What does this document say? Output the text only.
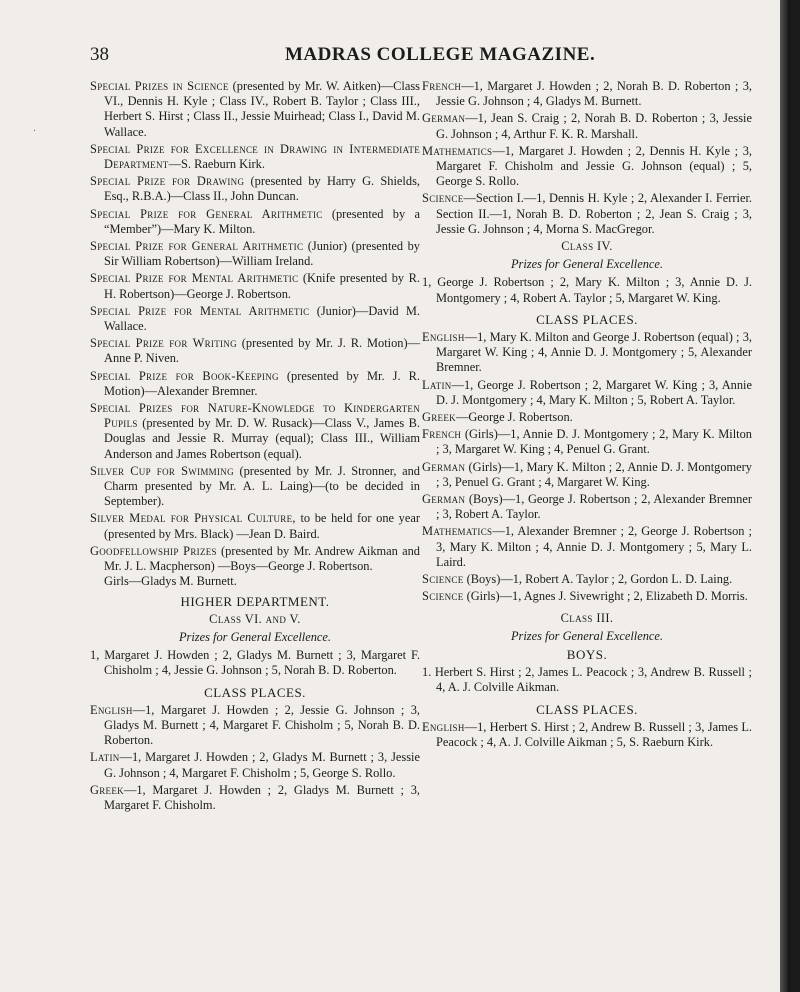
38	MADRAS COLLEGE MAGAZINE.
‧

Special Prizes in Science (presented by Mr. W. Aitken)—Class VI., Dennis H. Kyle ; Class IV., Robert B. Taylor ; Class III., Herbert S. Hirst ; Class II., Jessie Muirhead; Class I., David M. Wallace.

Special Prize for Excellence in Drawing in Intermediate Department—S. Raeburn Kirk.

Special Prize for Drawing (presented by Harry G. Shields, Esq., R.B.A.)—Class II., John Duncan.

Special Prize for General Arithmetic (presented by a “Member”)—Mary K. Milton.

Special Prize for General Arithmetic (Junior) (presented by Sir William Robertson)—William Ireland.

Special Prize for Mental Arithmetic (Knife presented by R. H. Robertson)—George J. Robertson.

Special Prize for Mental Arithmetic (Junior)—David M. Wallace.

Special Prize for Writing (presented by Mr. J. R. Motion)—Anne P. Niven.

Special Prize for Book-Keeping (presented by Mr. J. R. Motion)—Alexander Bremner.

Special Prizes for Nature-Knowledge to Kindergarten Pupils (presented by Mr. D. W. Rusack)—Class V., James B. Douglas and Jessie R. Murray (equal); Class III., William Anderson and James Robertson (equal).

Silver Cup for Swimming (presented by Mr. J. Stronner, and Charm presented by Mr. A. L. Laing)—(to be decided in September).

Silver Medal for Physical Culture, to be held for one year (presented by Mrs. Black) —Jean D. Baird.

Goodfellowship Prizes (presented by Mr. Andrew Aikman and Mr. J. L. Macpherson) —Boys—George J. Robertson.

Girls—Gladys M. Burnett.

HIGHER DEPARTMENT.
Class VI. and V.
Prizes for General Excellence.

1, Margaret J. Howden ; 2, Gladys M. Burnett ; 3, Margaret F. Chisholm ; 4, Jessie G. Johnson ; 5, Norah B. D. Roberton.

CLASS PLACES.

English—1, Margaret J. Howden ; 2, Jessie G. Johnson ; 3, Gladys M. Burnett ; 4, Margaret F. Chisholm ; 5, Norah B. D. Roberton.

Latin—1, Margaret J. Howden ; 2, Gladys M. Burnett ; 3, Jessie G. Johnson ; 4, Margaret F. Chisholm ; 5, George S. Rollo.

Greek—1, Margaret J. Howden ; 2, Gladys M. Burnett ; 3, Margaret F. Chisholm.

French—1, Margaret J. Howden ; 2, Norah B. D. Roberton ; 3, Jessie G. Johnson ; 4, Gladys M. Burnett.

German—1, Jean S. Craig ; 2, Norah B. D. Roberton ; 3, Jessie G. Johnson ; 4, Arthur F. K. R. Marshall.

Mathematics—1, Margaret J. Howden ; 2, Dennis H. Kyle ; 3, Margaret F. Chisholm and Jessie G. Johnson (equal) ; 5, George S. Rollo.

Science—Section I.—1, Dennis H. Kyle ; 2, Alexander I. Ferrier. Section II.—1, Norah B. D. Roberton ; 2, Jean S. Craig ; 3, Jessie G. Johnson ; 4, Morna S. MacGregor.

Class IV.
Prizes for General Excellence.

1, George J. Robertson ; 2, Mary K. Milton ; 3, Annie D. J. Montgomery ; 4, Robert A. Taylor ; 5, Margaret W. King.

CLASS PLACES.

English—1, Mary K. Milton and George J. Robertson (equal) ; 3, Margaret W. King ; 4, Annie D. J. Montgomery ; 5, Alexander Bremner.

Latin—1, George J. Robertson ; 2, Margaret W. King ; 3, Annie D. J. Montgomery ; 4, Mary K. Milton ; 5, Robert A. Taylor.

Greek—George J. Robertson.

French (Girls)—1, Annie D. J. Montgomery ; 2, Mary K. Milton ; 3, Margaret W. King ; 4, Penuel G. Grant.

German (Girls)—1, Mary K. Milton ; 2, Annie D. J. Montgomery ; 3, Penuel G. Grant ; 4, Margaret W. King.

German (Boys)—1, George J. Robertson ; 2, Alexander Bremner ; 3, Robert A. Taylor.

Mathematics—1, Alexander Bremner ; 2, George J. Robertson ; 3, Mary K. Milton ; 4, Annie D. J. Montgomery ; 5, Mary L. Laird.

Science (Boys)—1, Robert A. Taylor ; 2, Gordon L. D. Laing.

Science (Girls)—1, Agnes J. Sivewright ; 2, Elizabeth D. Morris.

Class III.
Prizes for General Excellence.
BOYS.

1. Herbert S. Hirst ; 2, James L. Peacock ; 3, Andrew B. Russell ; 4, A. J. Colville Aikman.

CLASS PLACES.

English—1, Herbert S. Hirst ; 2, Andrew B. Russell ; 3, James L. Peacock ; 4, A. J. Colville Aikman ; 5, S. Raeburn Kirk.
